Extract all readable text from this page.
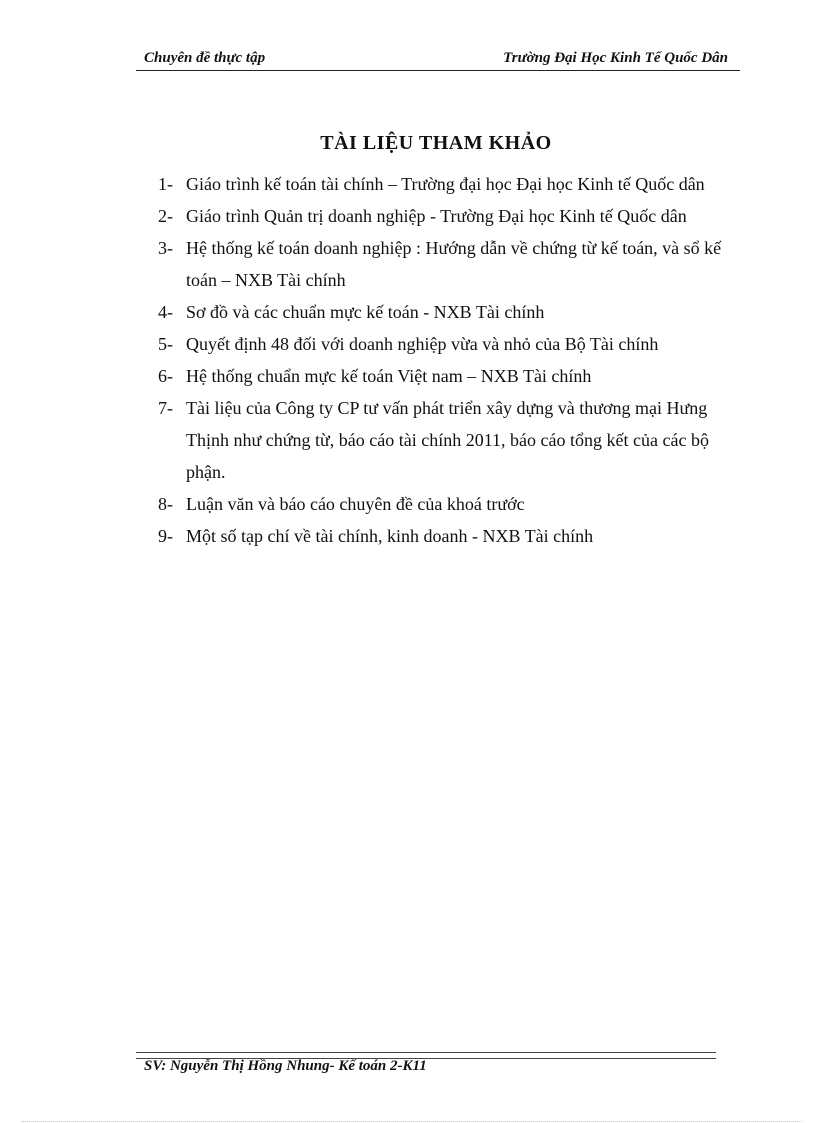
Chuyên đề thực tập	Trường Đại Học Kinh Tế Quốc Dân
TÀI LIỆU THAM KHẢO
1- Giáo trình kế toán tài chính – Trường đại học Đại học Kinh tế Quốc dân
2- Giáo trình Quản trị doanh nghiệp - Trường Đại học Kinh tế Quốc dân
3- Hệ thống kế toán doanh nghiệp : Hướng dẫn về chứng từ kế toán, và sổ kế toán – NXB Tài chính
4- Sơ đồ và các chuẩn mực kế toán - NXB Tài chính
5- Quyết định 48 đối với doanh nghiệp vừa và nhỏ của Bộ Tài chính
6- Hệ thống chuẩn mực kế toán Việt nam – NXB Tài chính
7- Tài liệu của Công ty CP tư vấn phát triển xây dựng và thương mại Hưng Thịnh như chứng từ, báo cáo tài chính 2011, báo cáo tổng kết của các bộ phận.
8- Luận văn và báo cáo chuyên đề của khoá trước
9- Một số tạp chí về tài chính, kinh doanh - NXB Tài chính
SV: Nguyễn Thị Hồng Nhung- Kế toán 2-K11
